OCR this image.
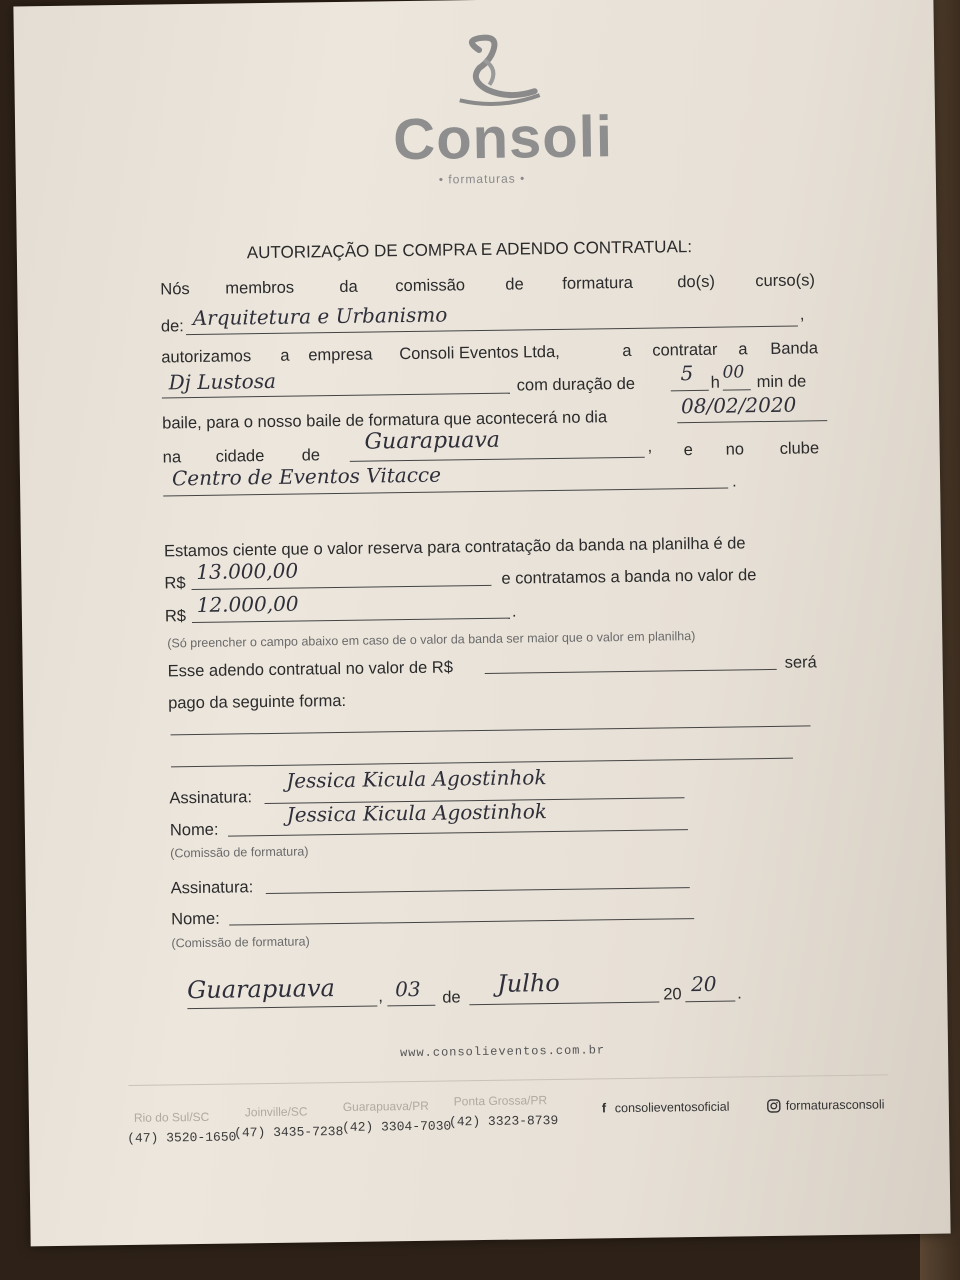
Consoli
• formaturas •
AUTORIZAÇÃO DE COMPRA E ADENDO CONTRATUAL:
Nós membros	da comissão de formatura	do(s) curso(s)
de: Arquitetura e Urbanismo	,
autorizamos a empresa Consoli Eventos Ltda,	a contratar a Banda
Dj Lustosa	com duração de 5 h
00 min de
baile, para o nosso baile de formatura que acontecerá no dia
08/02/2020
na cidade de
Guarapuava	, e no clube
Centro de Eventos Vitacce	.
Estamos ciente que o valor reserva para contratação da banda na planilha é de
R$ 13.000,00	e contratamos a banda no valor de
R$ 12.000,00	.
(Só preencher o campo abaixo em caso de o valor da banda ser maior que o valor em planilha)
Esse adendo contratual no valor de R$	será
pago da seguinte forma:
Assinatura:
Jessica Kicula Agostinhok
Nome:
Jessica Kicula Agostinhok
(Comissão de formatura)
Assinatura:
Nome:
(Comissão de formatura)
Guarapuava	, 03 de Julho	20 20 .
www.consolieventos.com.br
Rio do Sul/SC
(47) 3520-1650
Joinville/SC
(47) 3435-7238
Guarapuava/PR
(42) 3304-7030
Ponta Grossa/PR
(42) 3323-8739
f consolieventosoficial	formaturasconsoli
